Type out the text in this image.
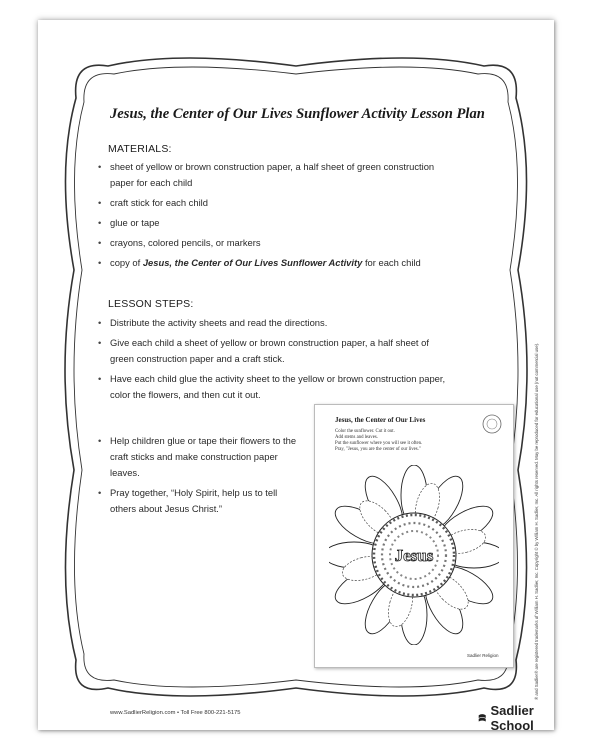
Jesus, the Center of Our Lives Sunflower Activity Lesson Plan
MATERIALS:
• sheet of yellow or brown construction paper, a half sheet of green construction paper for each child
• craft stick for each child
• glue or tape
• crayons, colored pencils, or markers
• copy of Jesus, the Center of Our Lives Sunflower Activity for each child
LESSON STEPS:
• Distribute the activity sheets and read the directions.
• Give each child a sheet of yellow or brown construction paper, a half sheet of green construction paper and a craft stick.
• Have each child glue the activity sheet to the yellow or brown construction paper, color the flowers, and then cut it out.
• Help children glue or tape their flowers to the craft sticks and make construction paper leaves.
• Pray together, “Holy Spirit, help us to tell others about Jesus Christ.”
Jesus, the Center of Our Lives
Color the sunflower. Cut it out.
Add stems and leaves.
Put the sunflower where you will see it often.
Pray, "Jesus, you are the center of our lives."
Jesus
Sadlier Religion
www.SadlierReligion.com • Toll Free 800-221-5175	Sadlier School
® and Sadlier® are registered trademarks of William H. Sadlier, Inc. Copyright © by William H. Sadlier, Inc. All rights reserved. May be reproduced for educational use (not commercial use).
